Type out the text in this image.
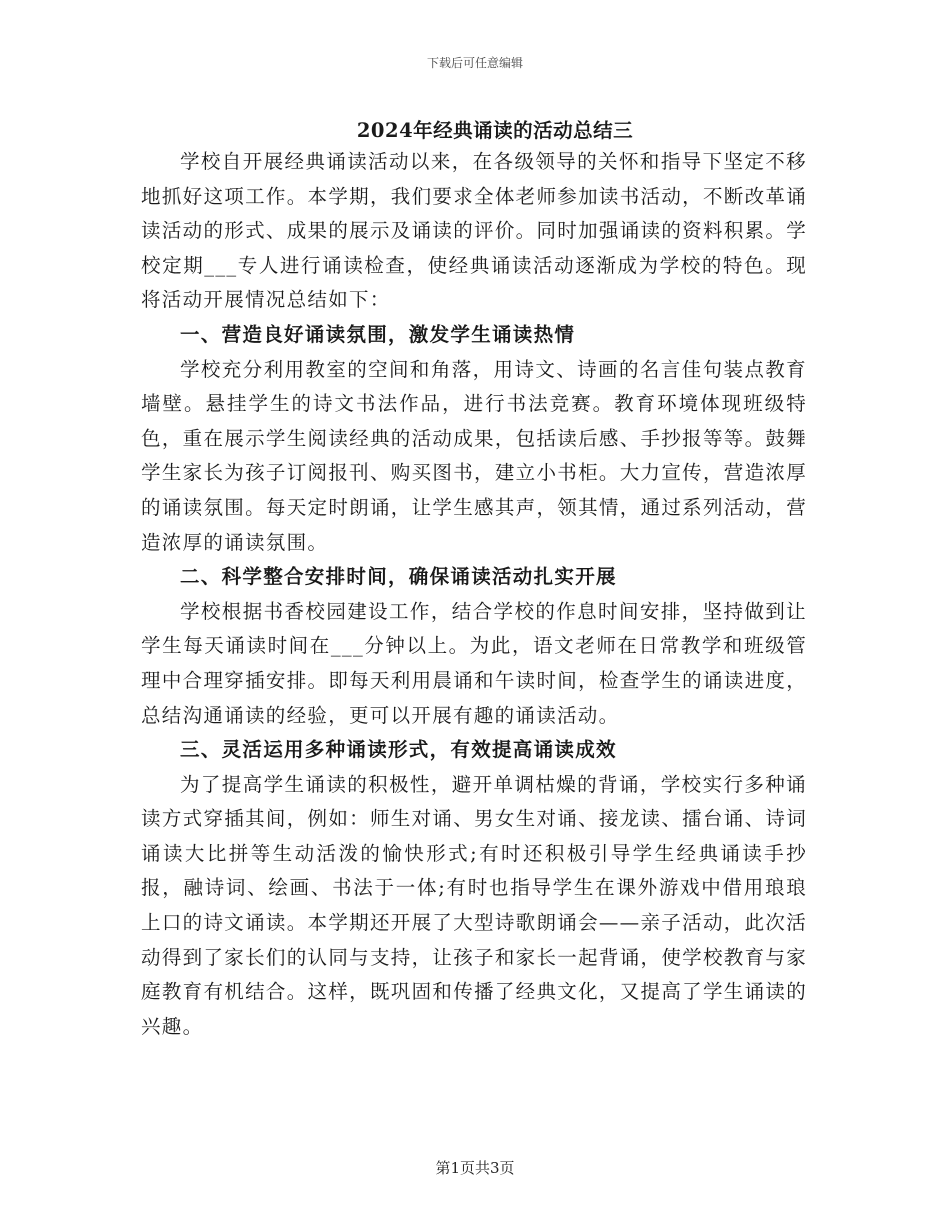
下载后可任意编辑
2024年经典诵读的活动总结三

学校自开展经典诵读活动以来，在各级领导的关怀和指导下坚定不移地抓好这项工作。本学期，我们要求全体老师参加读书活动，不断改革诵读活动的形式、成果的展示及诵读的评价。同时加强诵读的资料积累。学校定期___专人进行诵读检查，使经典诵读活动逐渐成为学校的特色。现将活动开展情况总结如下：

一、营造良好诵读氛围，激发学生诵读热情

学校充分利用教室的空间和角落，用诗文、诗画的名言佳句装点教育墙壁。悬挂学生的诗文书法作品，进行书法竞赛。教育环境体现班级特色，重在展示学生阅读经典的活动成果，包括读后感、手抄报等等。鼓舞学生家长为孩子订阅报刊、购买图书，建立小书柜。大力宣传，营造浓厚的诵读氛围。每天定时朗诵，让学生感其声，领其情，通过系列活动，营造浓厚的诵读氛围。

二、科学整合安排时间，确保诵读活动扎实开展

学校根据书香校园建设工作，结合学校的作息时间安排，坚持做到让学生每天诵读时间在___分钟以上。为此，语文老师在日常教学和班级管理中合理穿插安排。即每天利用晨诵和午读时间，检查学生的诵读进度，总结沟通诵读的经验，更可以开展有趣的诵读活动。

三、灵活运用多种诵读形式，有效提高诵读成效

为了提高学生诵读的积极性，避开单调枯燥的背诵，学校实行多种诵读方式穿插其间，例如：师生对诵、男女生对诵、接龙读、擂台诵、诗词诵读大比拼等生动活泼的愉快形式;有时还积极引导学生经典诵读手抄报，融诗词、绘画、书法于一体;有时也指导学生在课外游戏中借用琅琅上口的诗文诵读。本学期还开展了大型诗歌朗诵会——亲子活动，此次活动得到了家长们的认同与支持，让孩子和家长一起背诵，使学校教育与家庭教育有机结合。这样，既巩固和传播了经典文化，又提高了学生诵读的兴趣。

第1页共3页
